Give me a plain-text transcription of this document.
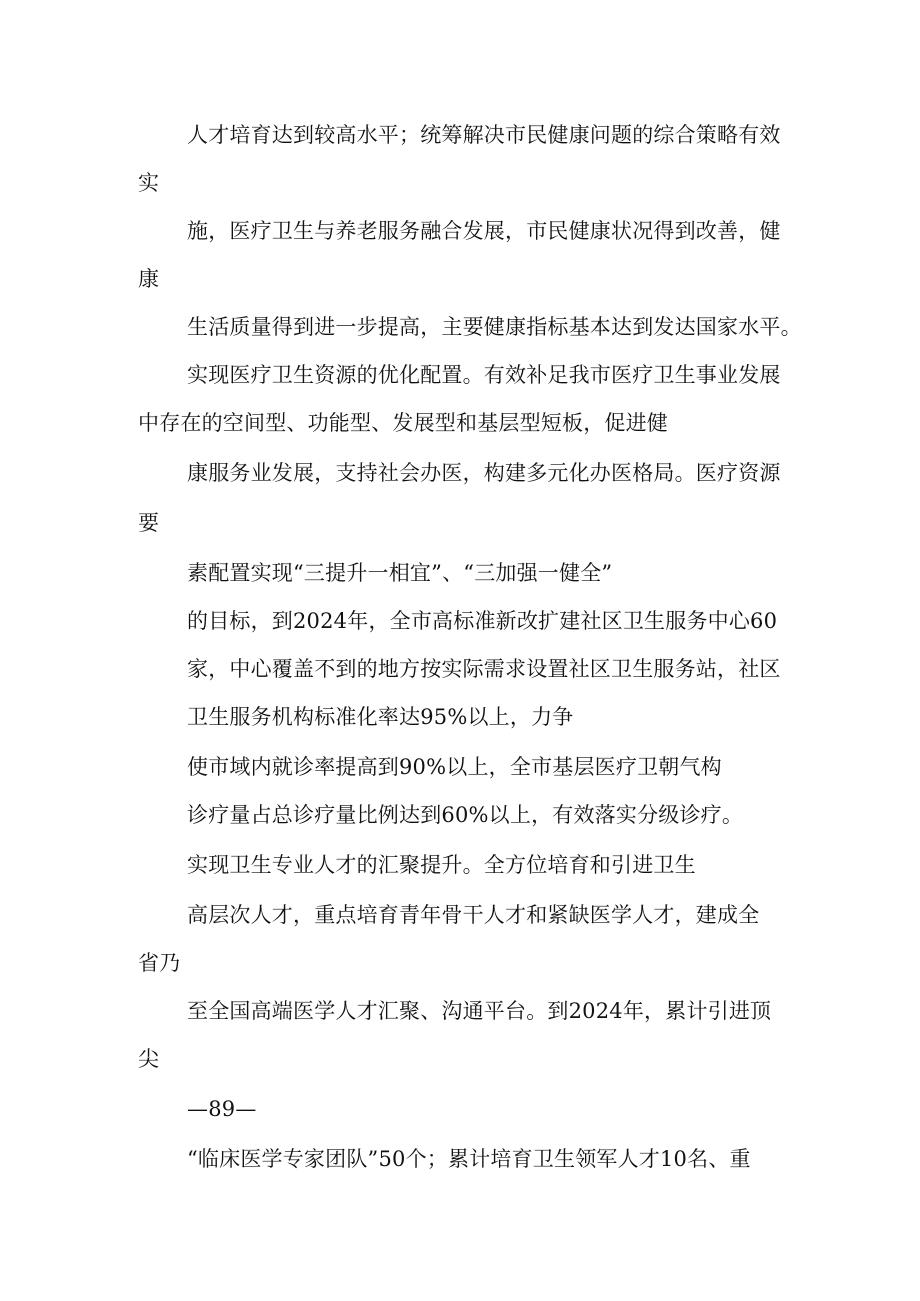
人才培育达到较高水平；统筹解决市民健康问题的综合策略有效
实
施，医疗卫生与养老服务融合发展，市民健康状况得到改善，健
康
生活质量得到进一步提高，主要健康指标基本达到发达国家水平。
实现医疗卫生资源的优化配置。有效补足我市医疗卫生事业发展
中存在的空间型、功能型、发展型和基层型短板，促进健
康服务业发展，支持社会办医，构建多元化办医格局。医疗资源
要
素配置实现“三提升一相宜”、“三加强一健全”
的目标，到2024年，全市高标准新改扩建社区卫生服务中心60
家，中心覆盖不到的地方按实际需求设置社区卫生服务站，社区
卫生服务机构标准化率达95%以上，力争
使市域内就诊率提高到90%以上，全市基层医疗卫朝气构
诊疗量占总诊疗量比例达到60%以上，有效落实分级诊疗。
实现卫生专业人才的汇聚提升。全方位培育和引进卫生
高层次人才，重点培育青年骨干人才和紧缺医学人才，建成全
省乃
至全国高端医学人才汇聚、沟通平台。到2024年，累计引进顶
尖
—89—
“临床医学专家团队”50个；累计培育卫生领军人才10名、重
